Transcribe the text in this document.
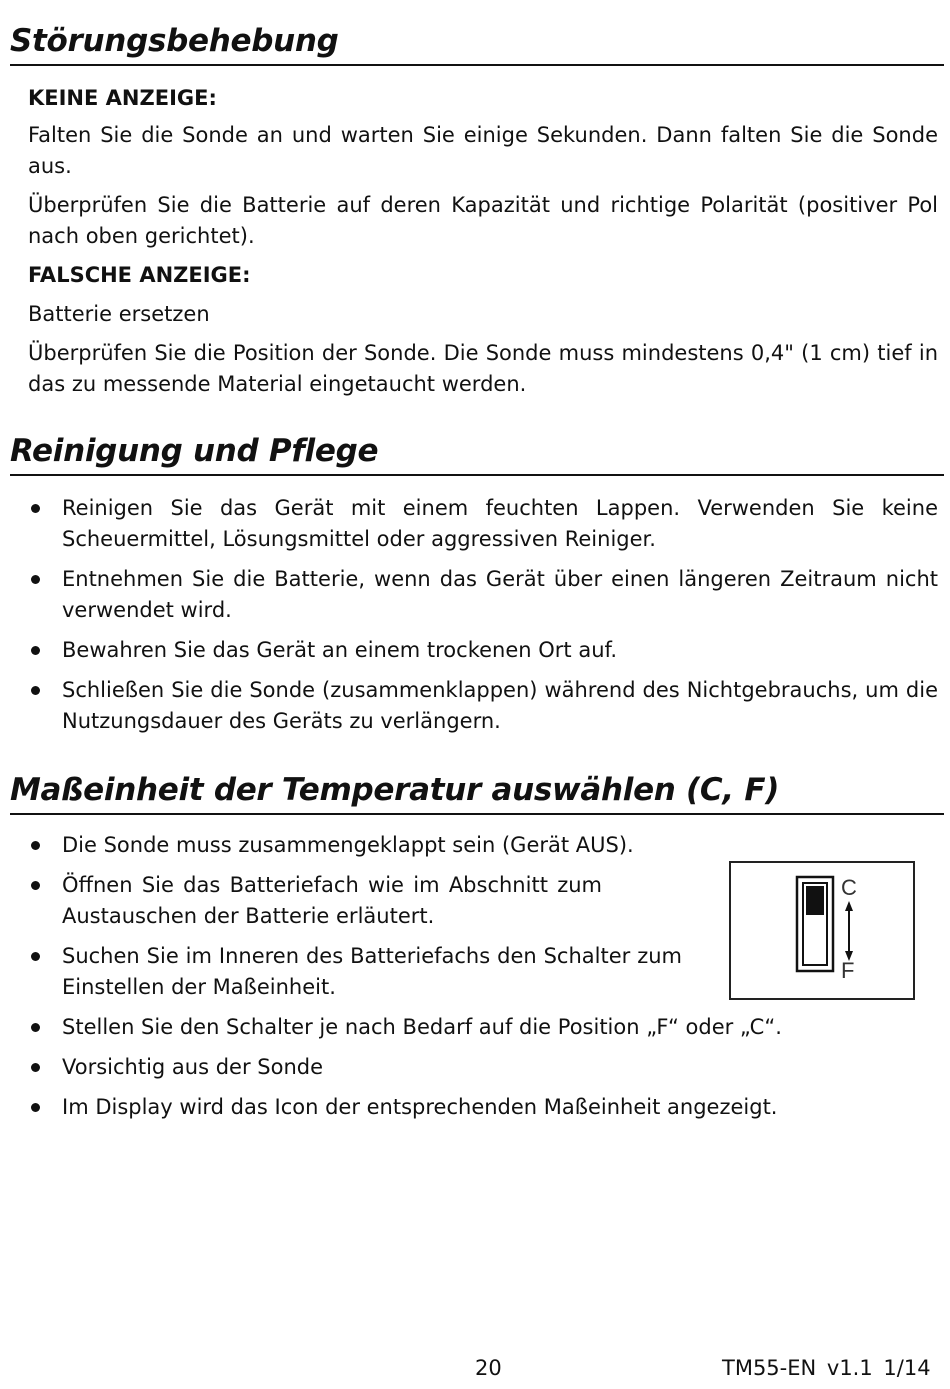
Störungsbehebung
KEINE ANZEIGE:

Falten Sie die Sonde an und warten Sie einige Sekunden. Dann falten Sie die Sonde aus.

Überprüfen Sie die Batterie auf deren Kapazität und richtige Polarität (positiver Pol nach oben gerichtet).

FALSCHE ANZEIGE:

Batterie ersetzen

Überprüfen Sie die Position der Sonde. Die Sonde muss mindestens 0,4" (1 cm) tief in das zu messende Material eingetaucht werden.

Reinigung und Pflege
Reinigen Sie das Gerät mit einem feuchten Lappen. Verwenden Sie keine Scheuermittel, Lösungsmittel oder aggressiven Reiniger.
Entnehmen Sie die Batterie, wenn das Gerät über einen längeren Zeitraum nicht verwendet wird.
Bewahren Sie das Gerät an einem trockenen Ort auf.
Schließen Sie die Sonde (zusammenklappen) während des Nichtgebrauchs, um die Nutzungsdauer des Geräts zu verlängern.
Maßeinheit der Temperatur auswählen (C, F)
Die Sonde muss zusammengeklappt sein (Gerät AUS).
Öffnen Sie das Batteriefach wie im Abschnitt zum Austauschen der Batterie erläutert.
Suchen Sie im Inneren des Batteriefachs den Schalter zum Einstellen der Maßeinheit.
Stellen Sie den Schalter je nach Bedarf auf die Position „F“ oder „C“.
Vorsichtig aus der Sonde
Im Display wird das Icon der entsprechenden Maßeinheit angezeigt.
C
F
20	TM55-EN v1.1 1/14
